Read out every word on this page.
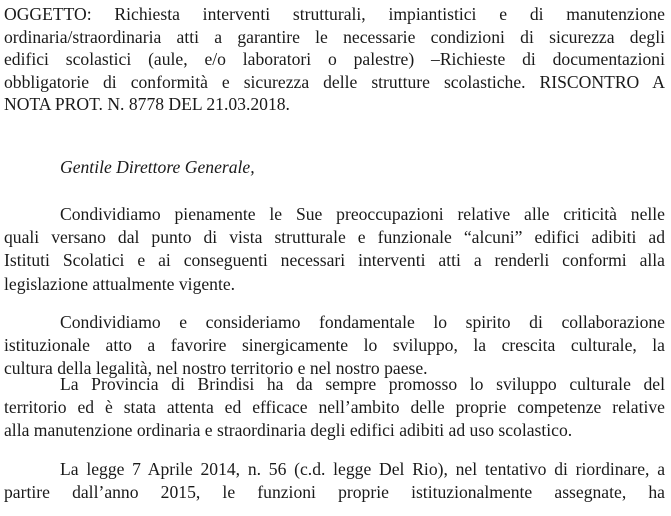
OGGETTO: Richiesta interventi strutturali, impiantistici e di manutenzione
ordinaria/straordinaria atti a garantire le necessarie condizioni di sicurezza degli
edifici scolastici (aule, e/o laboratori o palestre) –Richieste di documentazioni
obbligatorie di conformità e sicurezza delle strutture scolastiche. RISCONTRO A
NOTA PROT. N. 8778 DEL 21.03.2018.
Gentile Direttore Generale,
Condividiamo pienamente le Sue preoccupazioni relative alle criticità nelle
quali versano dal punto di vista strutturale e funzionale “alcuni” edifici adibiti ad
Istituti Scolatici e ai conseguenti necessari interventi atti a renderli conformi alla
legislazione attualmente vigente.
Condividiamo e consideriamo fondamentale lo spirito di collaborazione
istituzionale atto a favorire sinergicamente lo sviluppo, la crescita culturale, la
cultura della legalità, nel nostro territorio e nel nostro paese.
La Provincia di Brindisi ha da sempre promosso lo sviluppo culturale del
territorio ed è stata attenta ed efficace nell’ambito delle proprie competenze relative
alla manutenzione ordinaria e straordinaria degli edifici adibiti ad uso scolastico.
La legge 7 Aprile 2014, n. 56 (c.d. legge Del Rio), nel tentativo di riordinare, a
partire dall’anno 2015, le funzioni proprie istituzionalmente assegnate, ha
